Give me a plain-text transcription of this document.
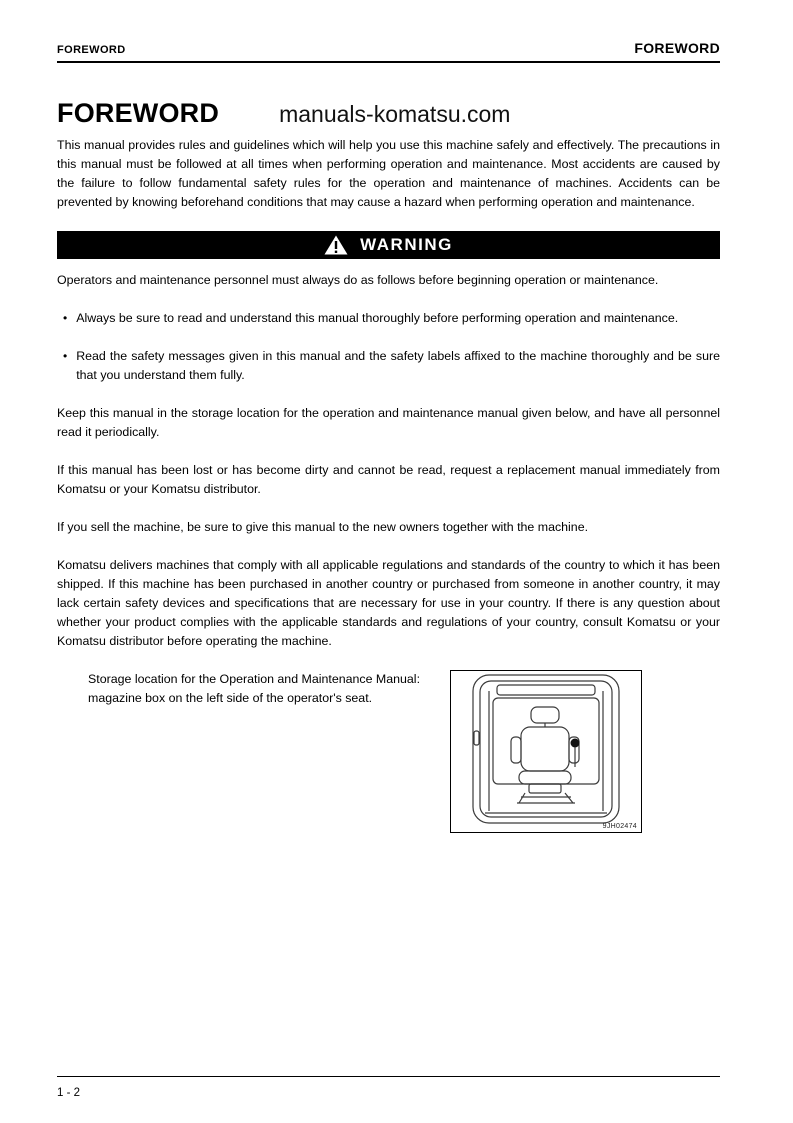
FOREWORD	FOREWORD
FOREWORD	manuals-komatsu.com

This manual provides rules and guidelines which will help you use this machine safely and effectively. The precautions in this manual must be followed at all times when performing operation and maintenance. Most accidents are caused by the failure to follow fundamental safety rules for the operation and maintenance of machines. Accidents can be prevented by knowing beforehand conditions that may cause a hazard when performing operation and maintenance.

WARNING

Operators and maintenance personnel must always do as follows before beginning operation or maintenance.

• Always be sure to read and understand this manual thoroughly before performing operation and maintenance.
• Read the safety messages given in this manual and the safety labels affixed to the machine thoroughly and be sure that you understand them fully.

Keep this manual in the storage location for the operation and maintenance manual given below, and have all personnel read it periodically.

If this manual has been lost or has become dirty and cannot be read, request a replacement manual immediately from Komatsu or your Komatsu distributor.

If you sell the machine, be sure to give this manual to the new owners together with the machine.

Komatsu delivers machines that comply with all applicable regulations and standards of the country to which it has been shipped. If this machine has been purchased in another country or purchased from someone in another country, it may lack certain safety devices and specifications that are necessary for use in your country. If there is any question about whether your product complies with the applicable standards and regulations of your country, consult Komatsu or your Komatsu distributor before operating the machine.

Storage location for the Operation and Maintenance Manual: magazine box on the left side of the operator's seat.
9JH02474
1 - 2
